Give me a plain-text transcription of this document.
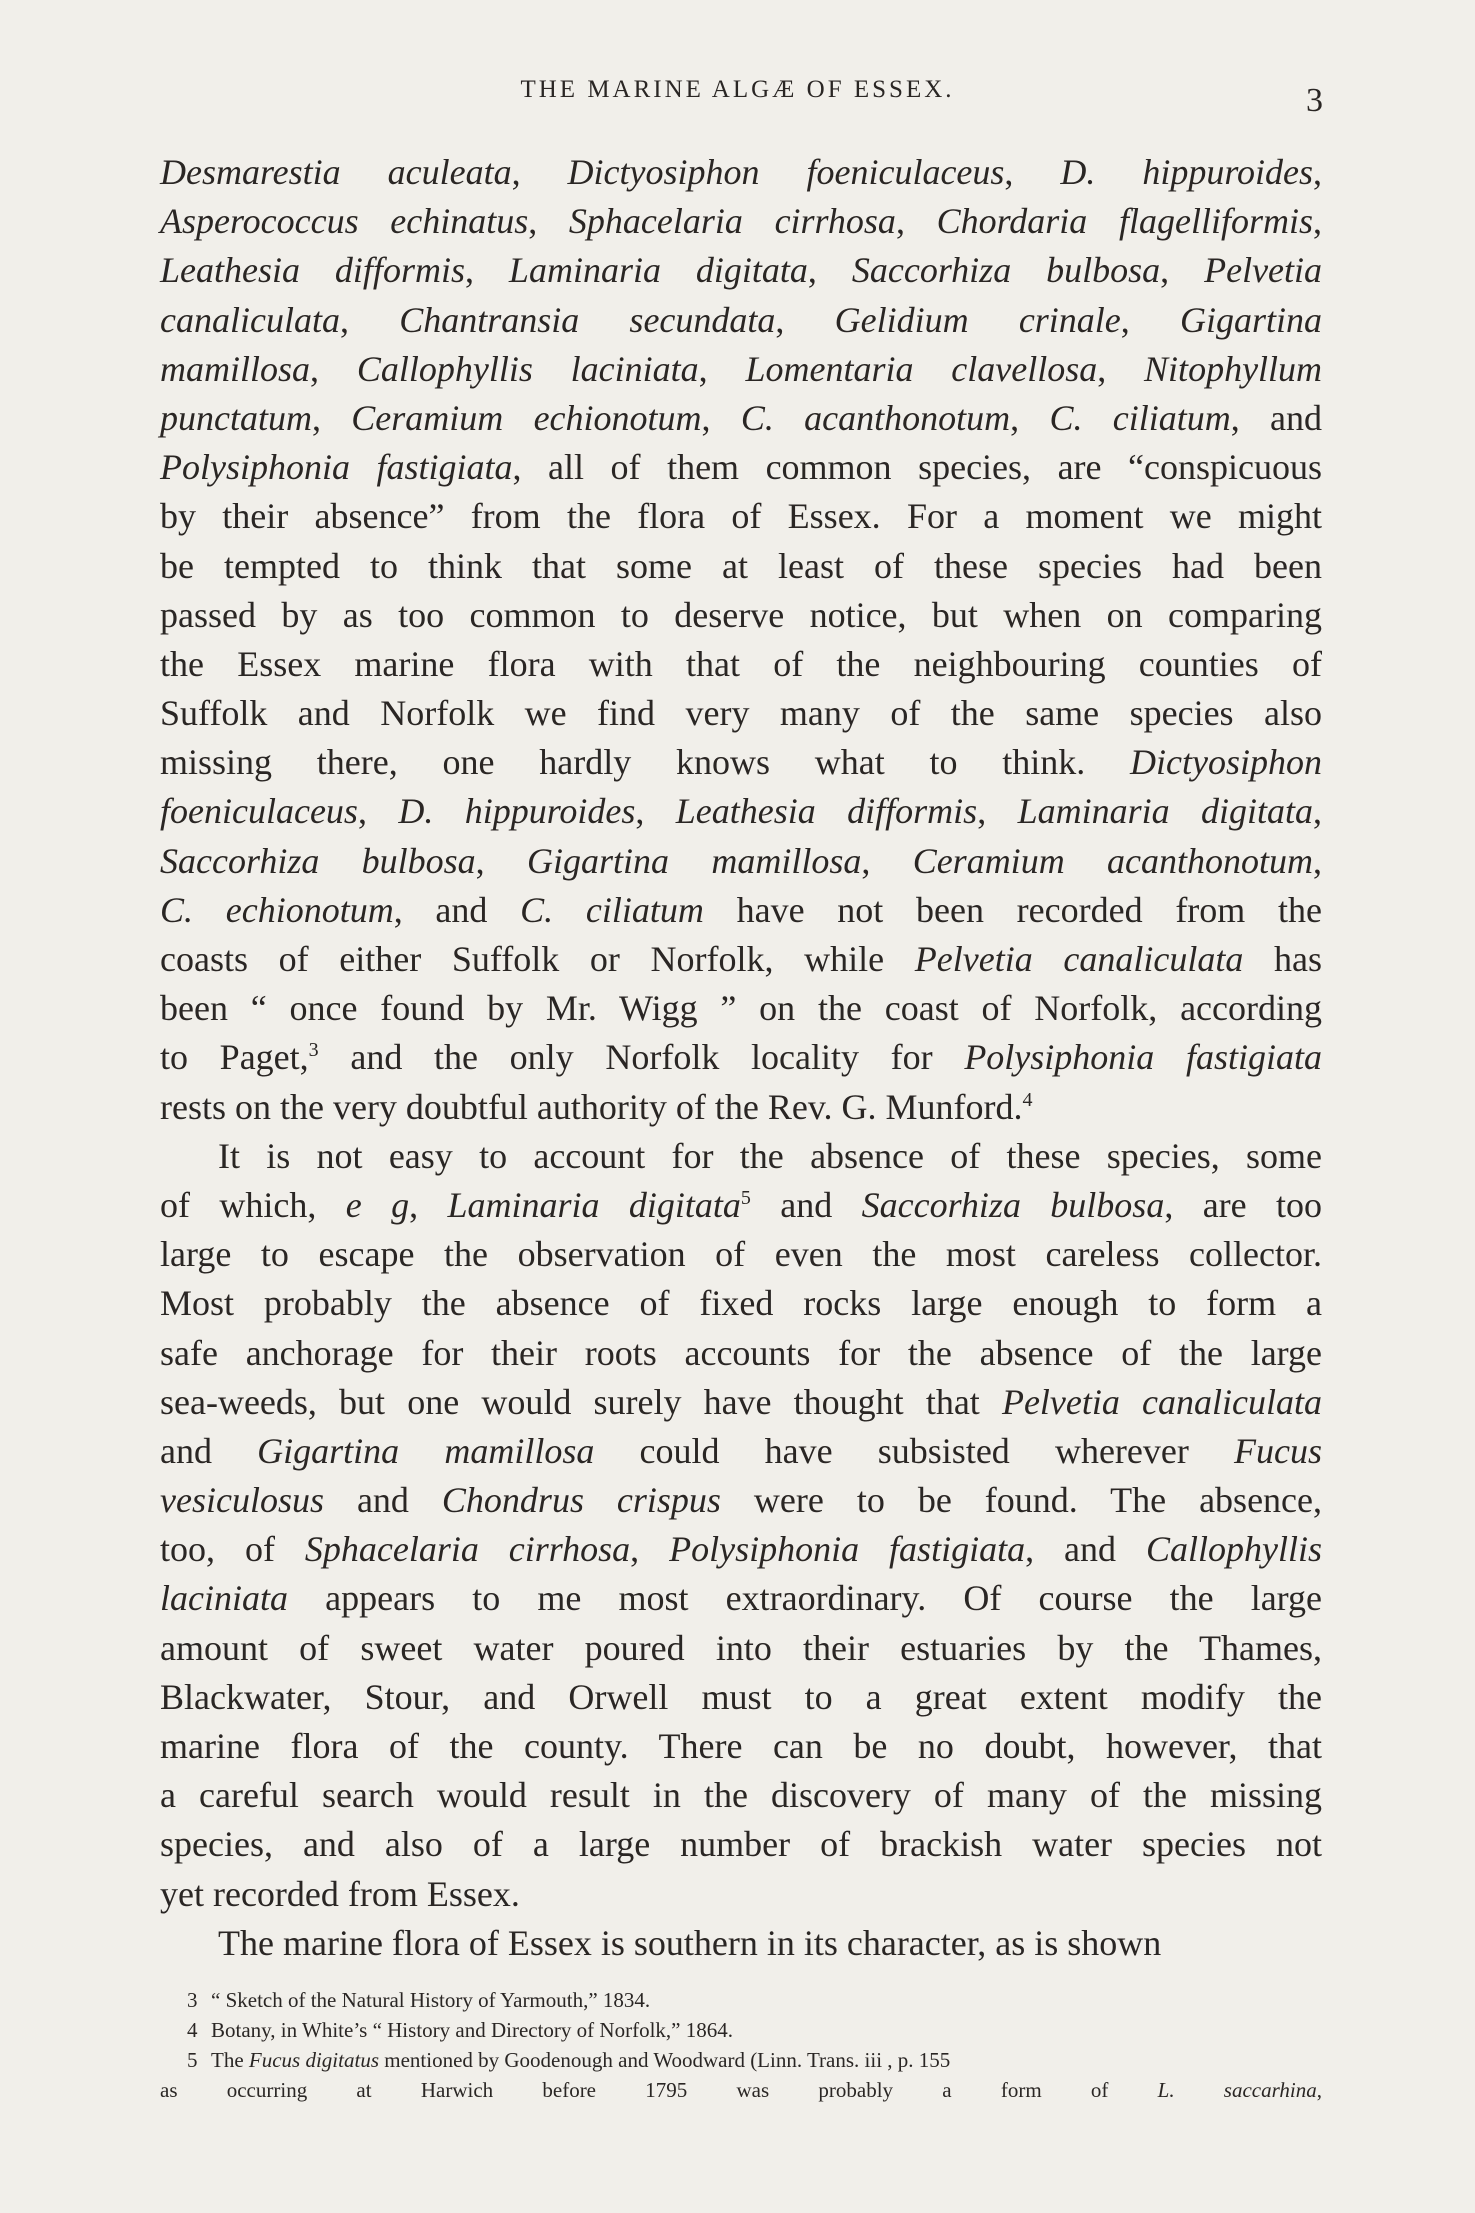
THE MARINE ALGÆ OF ESSEX.	3
Desmarestia aculeata, Dictyosiphon foeniculaceus, D. hippuroides,
Asperococcus echinatus, Sphacelaria cirrhosa, Chordaria flagelliformis,
Leathesia difformis, Laminaria digitata, Saccorhiza bulbosa, Pelvetia
canaliculata, Chantransia secundata, Gelidium crinale, Gigartina
mamillosa, Callophyllis laciniata, Lomentaria clavellosa, Nitophyllum
punctatum, Ceramium echionotum, C. acanthonotum, C. ciliatum, and
Polysiphonia fastigiata, all of them common species, are “conspicuous
by their absence” from the flora of Essex. For a moment we might
be tempted to think that some at least of these species had been
passed by as too common to deserve notice, but when on comparing
the Essex marine flora with that of the neighbouring counties of
Suffolk and Norfolk we find very many of the same species also
missing there, one hardly knows what to think. Dictyosiphon
foeniculaceus, D. hippuroides, Leathesia difformis, Laminaria digitata,
Saccorhiza bulbosa, Gigartina mamillosa, Ceramium acanthonotum,
C. echionotum, and C. ciliatum have not been recorded from the
coasts of either Suffolk or Norfolk, while Pelvetia canaliculata has
been “ once found by Mr. Wigg ” on the coast of Norfolk, according
to Paget,$^3$ and the only Norfolk locality for Polysiphonia fastigiata
rests on the very doubtful authority of the Rev. G. Munford.$^4$
It is not easy to account for the absence of these species, some
of which, e g, Laminaria digitata$^5$ and Saccorhiza bulbosa, are too
large to escape the observation of even the most careless collector.
Most probably the absence of fixed rocks large enough to form a
safe anchorage for their roots accounts for the absence of the large
sea-weeds, but one would surely have thought that Pelvetia canaliculata
and Gigartina mamillosa could have subsisted wherever Fucus
vesiculosus and Chondrus crispus were to be found. The absence,
too, of Sphacelaria cirrhosa, Polysiphonia fastigiata, and Callophyllis
laciniata appears to me most extraordinary. Of course the large
amount of sweet water poured into their estuaries by the Thames,
Blackwater, Stour, and Orwell must to a great extent modify the
marine flora of the county. There can be no doubt, however, that
a careful search would result in the discovery of many of the missing
species, and also of a large number of brackish water species not
yet recorded from Essex.
The marine flora of Essex is southern in its character, as is shown
3 “ Sketch of the Natural History of Yarmouth,” 1834.
4 Botany, in White’s “ History and Directory of Norfolk,” 1864.
5 The Fucus digitatus mentioned by Goodenough and Woodward (Linn. Trans. iii , p. 155
as occurring at Harwich before 1795 was probably a form of L. saccarhina,
